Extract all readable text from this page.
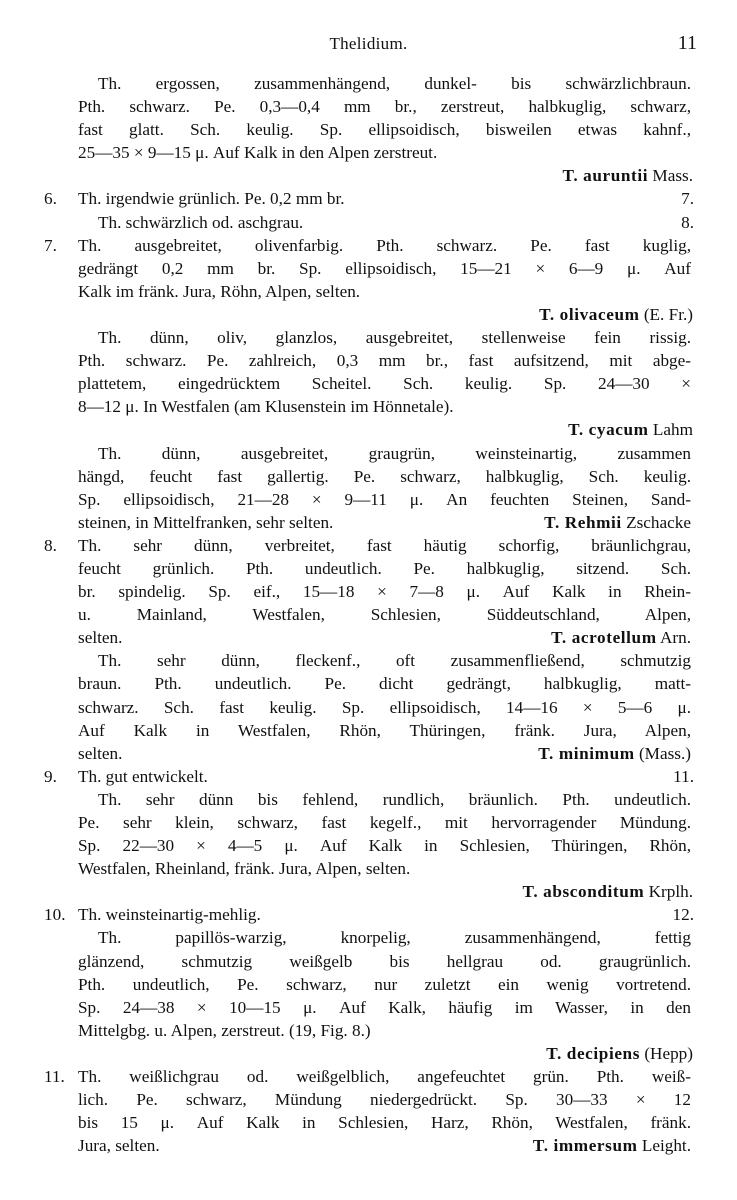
Thelidium.	11
Th. ergossen, zusammenhängend, dunkel- bis schwärzlichbraun.
Pth. schwarz. Pe. 0,3—0,4 mm br., zerstreut, halbkuglig, schwarz,
fast glatt. Sch. keulig. Sp. ellipsoidisch, bisweilen etwas kahnf.,
25—35 × 9—15 μ. Auf Kalk in den Alpen zerstreut.
T. auruntii Mass.
6.	Th. irgendwie grünlich. Pe. 0,2 mm br.	7.
Th. schwärzlich od. aschgrau.	8.
7.	Th. ausgebreitet, olivenfarbig. Pth. schwarz. Pe. fast kuglig,
gedrängt 0,2 mm br. Sp. ellipsoidisch, 15—21 × 6—9 μ. Auf
Kalk im fränk. Jura, Röhn, Alpen, selten.
T. olivaceum (E. Fr.)
Th. dünn, oliv, glanzlos, ausgebreitet, stellenweise fein rissig.
Pth. schwarz. Pe. zahlreich, 0,3 mm br., fast aufsitzend, mit abge-
plattetem, eingedrücktem Scheitel. Sch. keulig. Sp. 24—30 ×
8—12 μ. In Westfalen (am Klusenstein im Hönnetale).
T. cyacum Lahm
Th. dünn, ausgebreitet, graugrün, weinsteinartig, zusammen
hängd, feucht fast gallertig. Pe. schwarz, halbkuglig, Sch. keulig.
Sp. ellipsoidisch, 21—28 × 9—11 μ. An feuchten Steinen, Sand-
steinen, in Mittelfranken, sehr selten.	T. Rehmii Zschacke
8.	Th. sehr dünn, verbreitet, fast häutig schorfig, bräunlichgrau,
feucht grünlich. Pth. undeutlich. Pe. halbkuglig, sitzend. Sch.
br. spindelig. Sp. eif., 15—18 × 7—8 μ. Auf Kalk in Rhein-
u. Mainland, Westfalen, Schlesien, Süddeutschland, Alpen,
selten.	T. acrotellum Arn.
Th. sehr dünn, fleckenf., oft zusammenfließend, schmutzig
braun. Pth. undeutlich. Pe. dicht gedrängt, halbkuglig, matt-
schwarz. Sch. fast keulig. Sp. ellipsoidisch, 14—16 × 5—6 μ.
Auf Kalk in Westfalen, Rhön, Thüringen, fränk. Jura, Alpen,
selten.	T. minimum (Mass.)
9.	Th. gut entwickelt.	11.
Th. sehr dünn bis fehlend, rundlich, bräunlich. Pth. undeutlich.
Pe. sehr klein, schwarz, fast kegelf., mit hervorragender Mündung.
Sp. 22—30 × 4—5 μ. Auf Kalk in Schlesien, Thüringen, Rhön,
Westfalen, Rheinland, fränk. Jura, Alpen, selten.
T. absconditum Krplh.
10. Th. weinsteinartig-mehlig.	12.
Th. papillös-warzig, knorpelig, zusammenhängend, fettig
glänzend, schmutzig weißgelb bis hellgrau od. graugrünlich.
Pth. undeutlich, Pe. schwarz, nur zuletzt ein wenig vortretend.
Sp. 24—38 × 10—15 μ. Auf Kalk, häufig im Wasser, in den
Mittelgbg. u. Alpen, zerstreut. (19, Fig. 8.)
T. decipiens (Hepp)
11. Th. weißlichgrau od. weißgelblich, angefeuchtet grün. Pth. weiß-
lich. Pe. schwarz, Mündung niedergedrückt. Sp. 30—33 × 12
bis 15 μ. Auf Kalk in Schlesien, Harz, Rhön, Westfalen, fränk.
Jura, selten.	T. immersum Leight.
